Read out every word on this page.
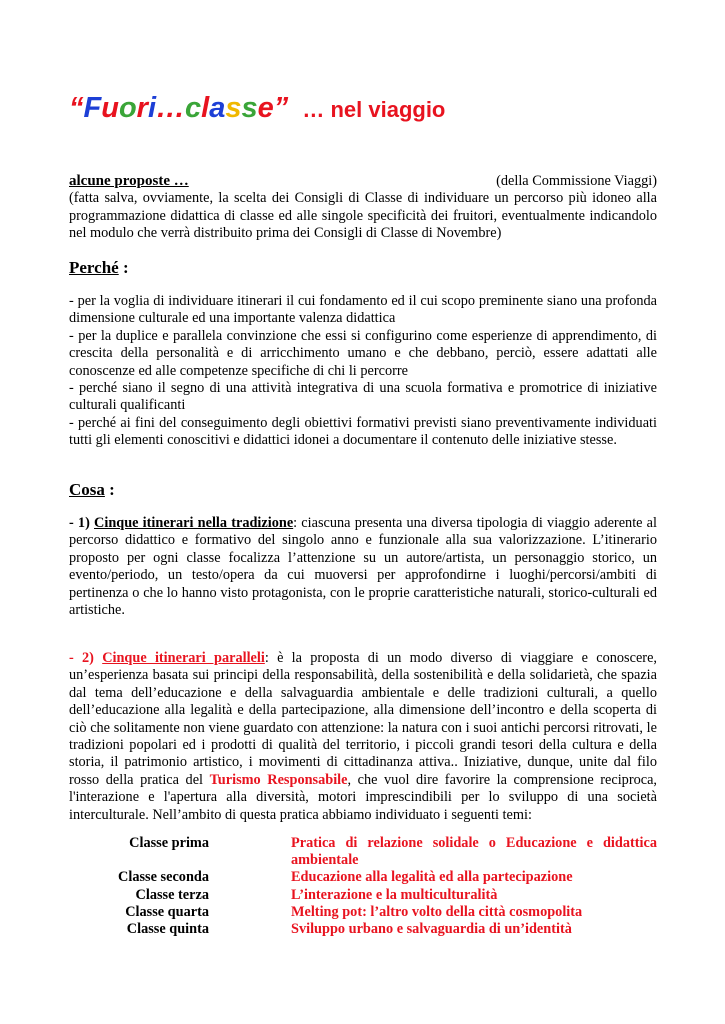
“Fuori…classe” … nel viaggio
alcune proposte …	(della Commissione Viaggi)

(fatta salva, ovviamente, la scelta dei Consigli di Classe di individuare un percorso più idoneo alla programmazione didattica di classe ed alle singole specificità dei fruitori, eventualmente indicandolo nel modulo che verrà distribuito prima dei Consigli di Classe di Novembre)

Perché :

- per la voglia di individuare itinerari il cui fondamento ed il cui scopo preminente siano una profonda dimensione culturale ed una importante valenza didattica

- per la duplice e parallela convinzione che essi si configurino come esperienze di apprendimento, di crescita della personalità e di arricchimento umano e che debbano, perciò, essere adattati alle conoscenze ed alle competenze specifiche di chi li percorre

- perché siano il segno di una attività integrativa di una scuola formativa e promotrice di iniziative culturali qualificanti

- perché ai fini del conseguimento degli obiettivi formativi previsti siano preventivamente individuati tutti gli elementi conoscitivi e didattici idonei a documentare il contenuto delle iniziative stesse.

Cosa :

- 1) Cinque itinerari nella tradizione: ciascuna presenta una diversa tipologia di viaggio aderente al percorso didattico e formativo del singolo anno e funzionale alla sua valorizzazione. L’itinerario proposto per ogni classe focalizza l’attenzione su un autore/artista, un personaggio storico, un evento/periodo, un testo/opera da cui muoversi per approfondirne i luoghi/percorsi/ambiti di pertinenza o che lo hanno visto protagonista, con le proprie caratteristiche naturali, storico-culturali ed artistiche.

- 2) Cinque itinerari paralleli: è la proposta di un modo diverso di viaggiare e conoscere, un’esperienza basata sui principi della responsabilità, della sostenibilità e della solidarietà, che spazia dal tema dell’educazione e della salvaguardia ambientale e delle tradizioni culturali, a quello dell’educazione alla legalità e della partecipazione, alla dimensione dell’incontro e della scoperta di ciò che solitamente non viene guardato con attenzione: la natura con i suoi antichi percorsi ritrovati, le tradizioni popolari ed i prodotti di qualità del territorio, i piccoli grandi tesori della cultura e della storia, il patrimonio artistico, i movimenti di cittadinanza attiva.. Iniziative, dunque, unite dal filo rosso della pratica del Turismo Responsabile, che vuol dire favorire la comprensione reciproca, l'interazione e l'apertura alla diversità, motori imprescindibili per lo sviluppo di una società interculturale. Nell’ambito di questa pratica abbiamo individuato i seguenti temi:

Classe prima	Pratica di relazione solidale o Educazione e didattica ambientale
Classe seconda	Educazione alla legalità ed alla partecipazione
Classe terza	L’interazione e la multiculturalità
Classe quarta	Melting pot: l’altro volto della città cosmopolita
Classe quinta	Sviluppo urbano e salvaguardia di un’identità
